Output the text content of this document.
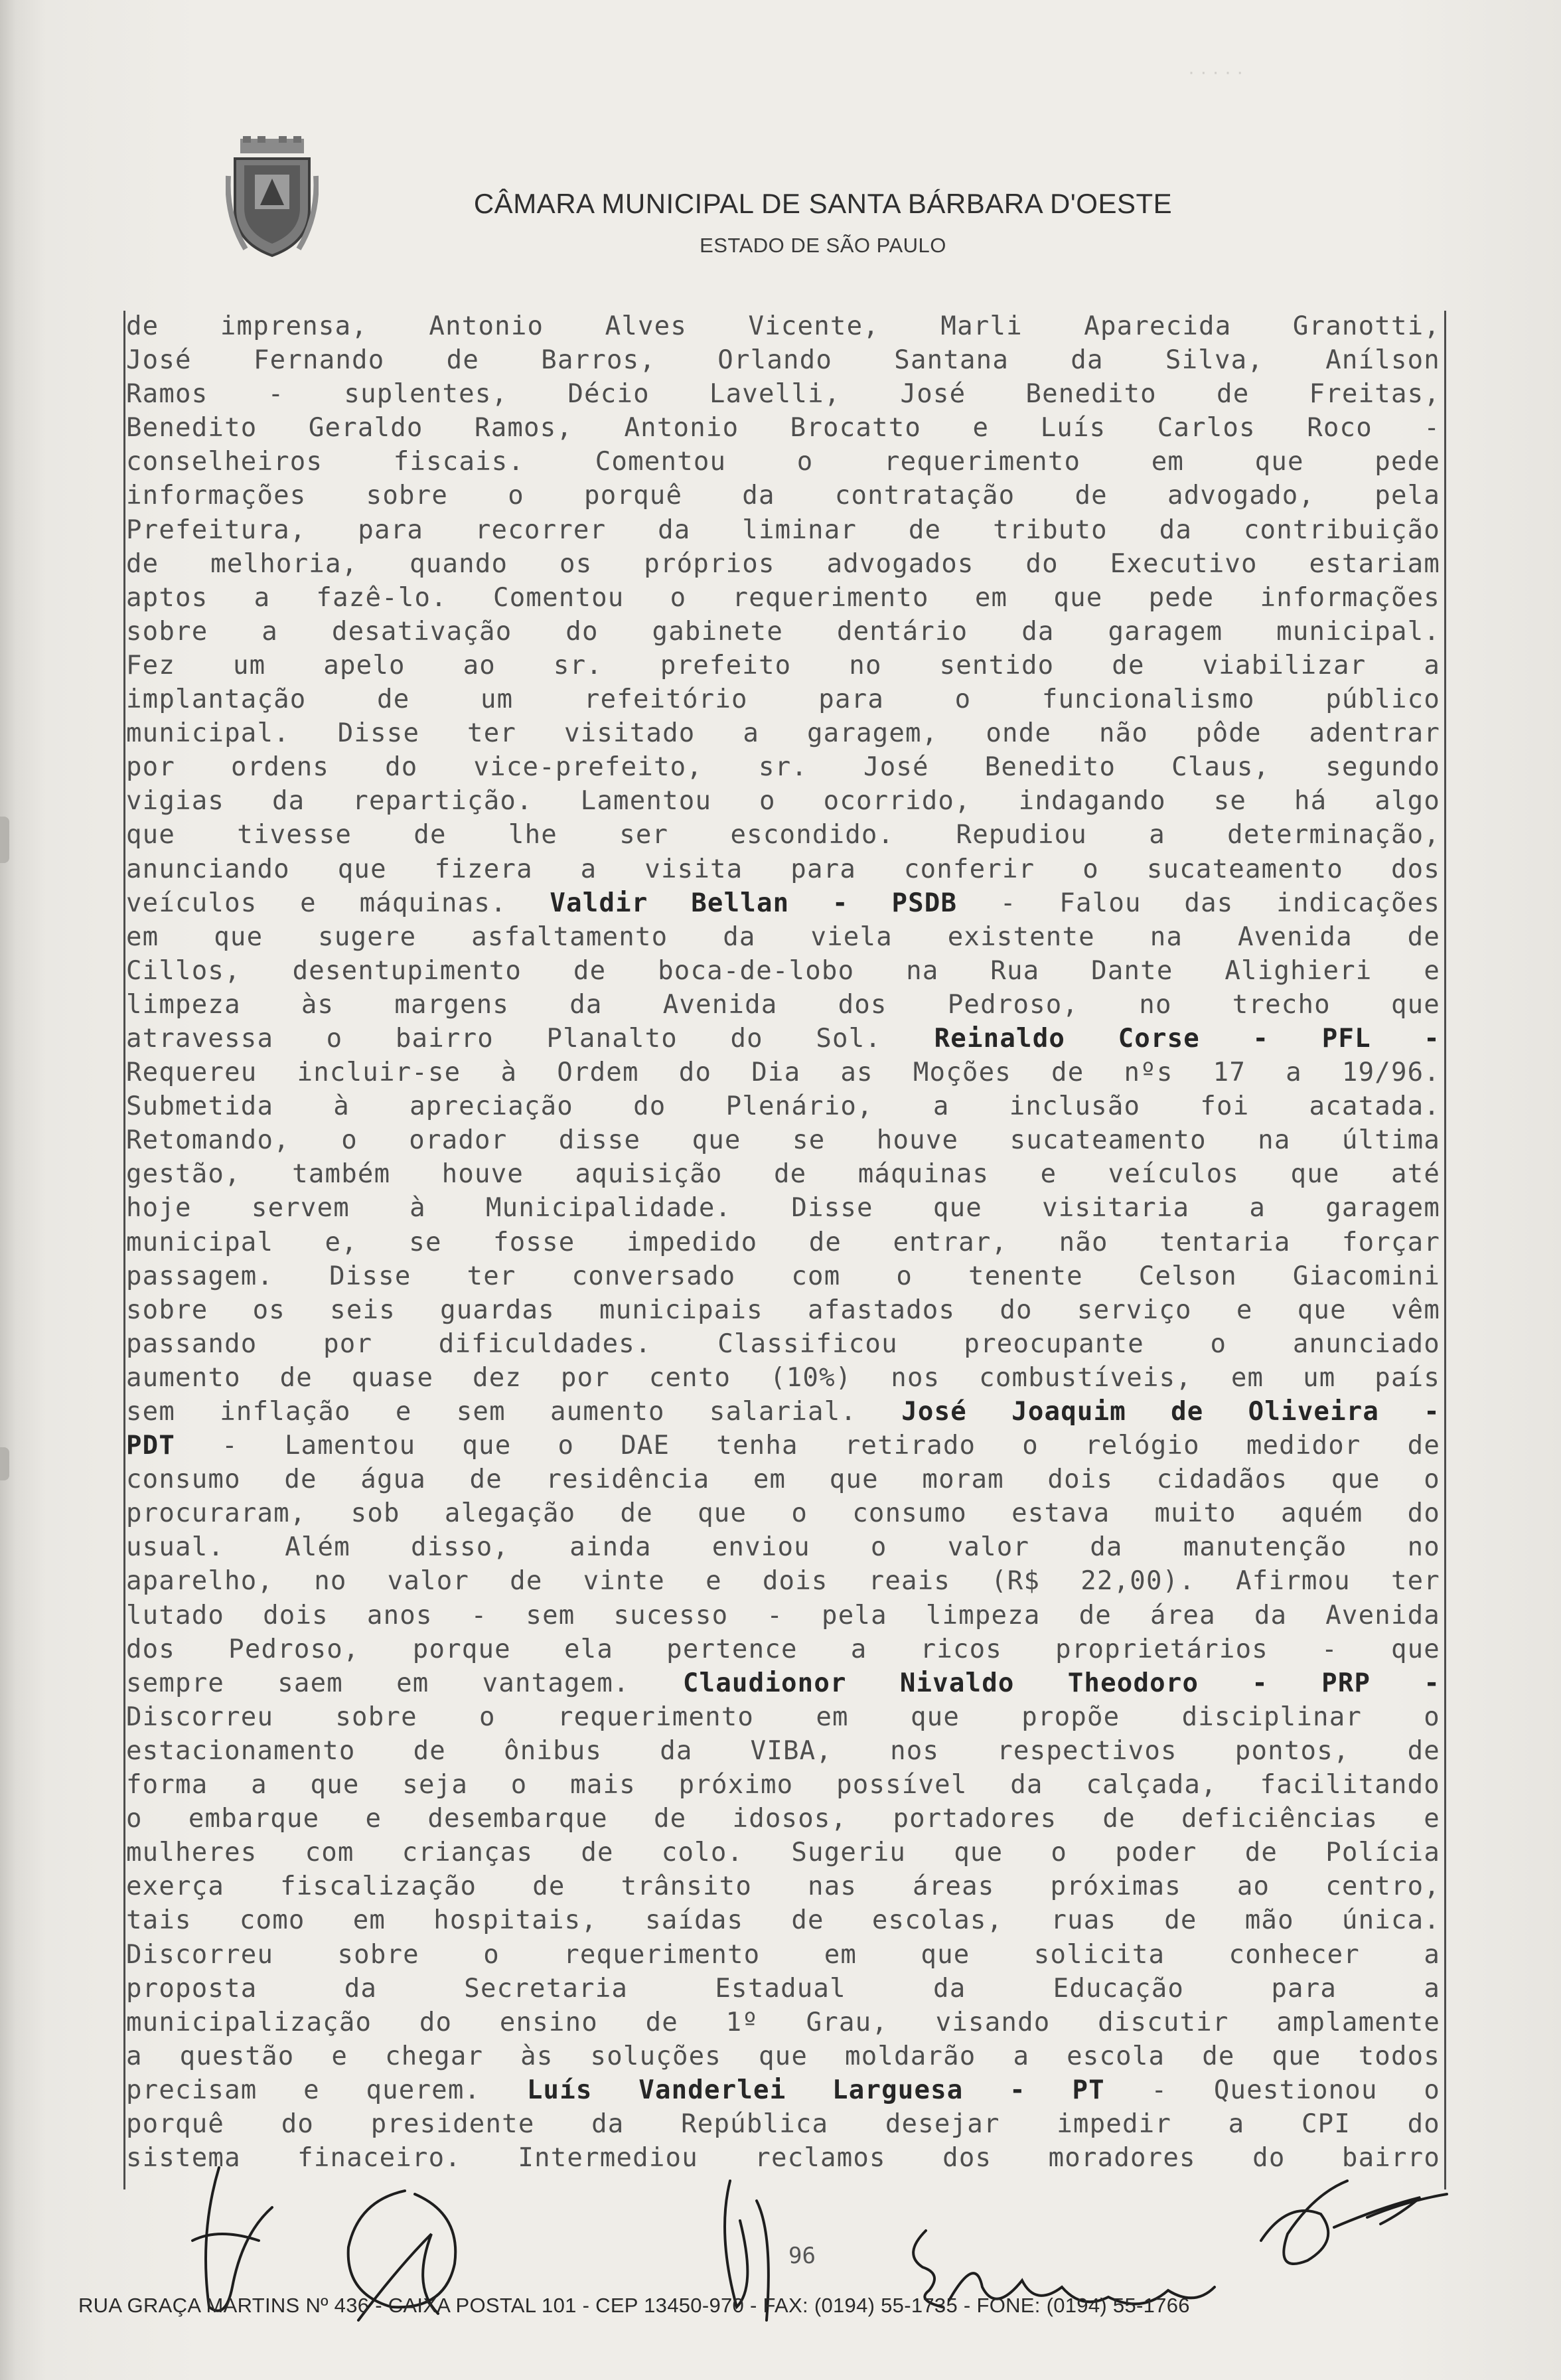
CÂMARA MUNICIPAL DE SANTA BÁRBARA D'OESTE
ESTADO DE SÃO PAULO
· · · · ·
de imprensa, Antonio Alves Vicente, Marli Aparecida Granotti,
José Fernando de Barros, Orlando Santana da Silva, Anílson
Ramos - suplentes, Décio Lavelli, José Benedito de Freitas,
Benedito Geraldo Ramos, Antonio Brocatto e Luís Carlos Roco -
conselheiros fiscais. Comentou o requerimento em que pede
informações sobre o porquê da contratação de advogado, pela
Prefeitura, para recorrer da liminar de tributo da contribuição
de melhoria, quando os próprios advogados do Executivo estariam
aptos a fazê-lo. Comentou o requerimento em que pede informações
sobre a desativação do gabinete dentário da garagem municipal.
Fez um apelo ao sr. prefeito no sentido de viabilizar a
implantação de um refeitório para o funcionalismo público
municipal. Disse ter visitado a garagem, onde não pôde adentrar
por ordens do vice-prefeito, sr. José Benedito Claus, segundo
vigias da repartição. Lamentou o ocorrido, indagando se há algo
que tivesse de lhe ser escondido. Repudiou a determinação,
anunciando que fizera a visita para conferir o sucateamento dos
veículos e máquinas. Valdir Bellan - PSDB - Falou das indicações
em que sugere asfaltamento da viela existente na Avenida de
Cillos, desentupimento de boca-de-lobo na Rua Dante Alighieri e
limpeza às margens da Avenida dos Pedroso, no trecho que
atravessa o bairro Planalto do Sol. Reinaldo Corse - PFL -
Requereu incluir-se à Ordem do Dia as Moções de nºs 17 a 19/96.
Submetida à apreciação do Plenário, a inclusão foi acatada.
Retomando, o orador disse que se houve sucateamento na última
gestão, também houve aquisição de máquinas e veículos que até
hoje servem à Municipalidade. Disse que visitaria a garagem
municipal e, se fosse impedido de entrar, não tentaria forçar
passagem. Disse ter conversado com o tenente Celson Giacomini
sobre os seis guardas municipais afastados do serviço e que vêm
passando por dificuldades. Classificou preocupante o anunciado
aumento de quase dez por cento (10%) nos combustíveis, em um país
sem inflação e sem aumento salarial. José Joaquim de Oliveira -
PDT - Lamentou que o DAE tenha retirado o relógio medidor de
consumo de água de residência em que moram dois cidadãos que o
procuraram, sob alegação de que o consumo estava muito aquém do
usual. Além disso, ainda enviou o valor da manutenção no
aparelho, no valor de vinte e dois reais (R$ 22,00). Afirmou ter
lutado dois anos - sem sucesso - pela limpeza de área da Avenida
dos Pedroso, porque ela pertence a ricos proprietários - que
sempre saem em vantagem. Claudionor Nivaldo Theodoro - PRP -
Discorreu sobre o requerimento em que propõe disciplinar o
estacionamento de ônibus da VIBA, nos respectivos pontos, de
forma a que seja o mais próximo possível da calçada, facilitando
o embarque e desembarque de idosos, portadores de deficiências e
mulheres com crianças de colo. Sugeriu que o poder de Polícia
exerça fiscalização de trânsito nas áreas próximas ao centro,
tais como em hospitais, saídas de escolas, ruas de mão única.
Discorreu sobre o requerimento em que solicita conhecer a
proposta da Secretaria Estadual da Educação para a
municipalização do ensino de 1º Grau, visando discutir amplamente
a questão e chegar às soluções que moldarão a escola de que todos
precisam e querem. Luís Vanderlei Larguesa - PT - Questionou o
porquê do presidente da República desejar impedir a CPI do
sistema finaceiro. Intermediou reclamos dos moradores do bairro
96
RUA GRAÇA MARTINS Nº 436 - CAIXA POSTAL 101 - CEP 13450-970 - FAX: (0194) 55-1735 - FONE: (0194) 55-1766
